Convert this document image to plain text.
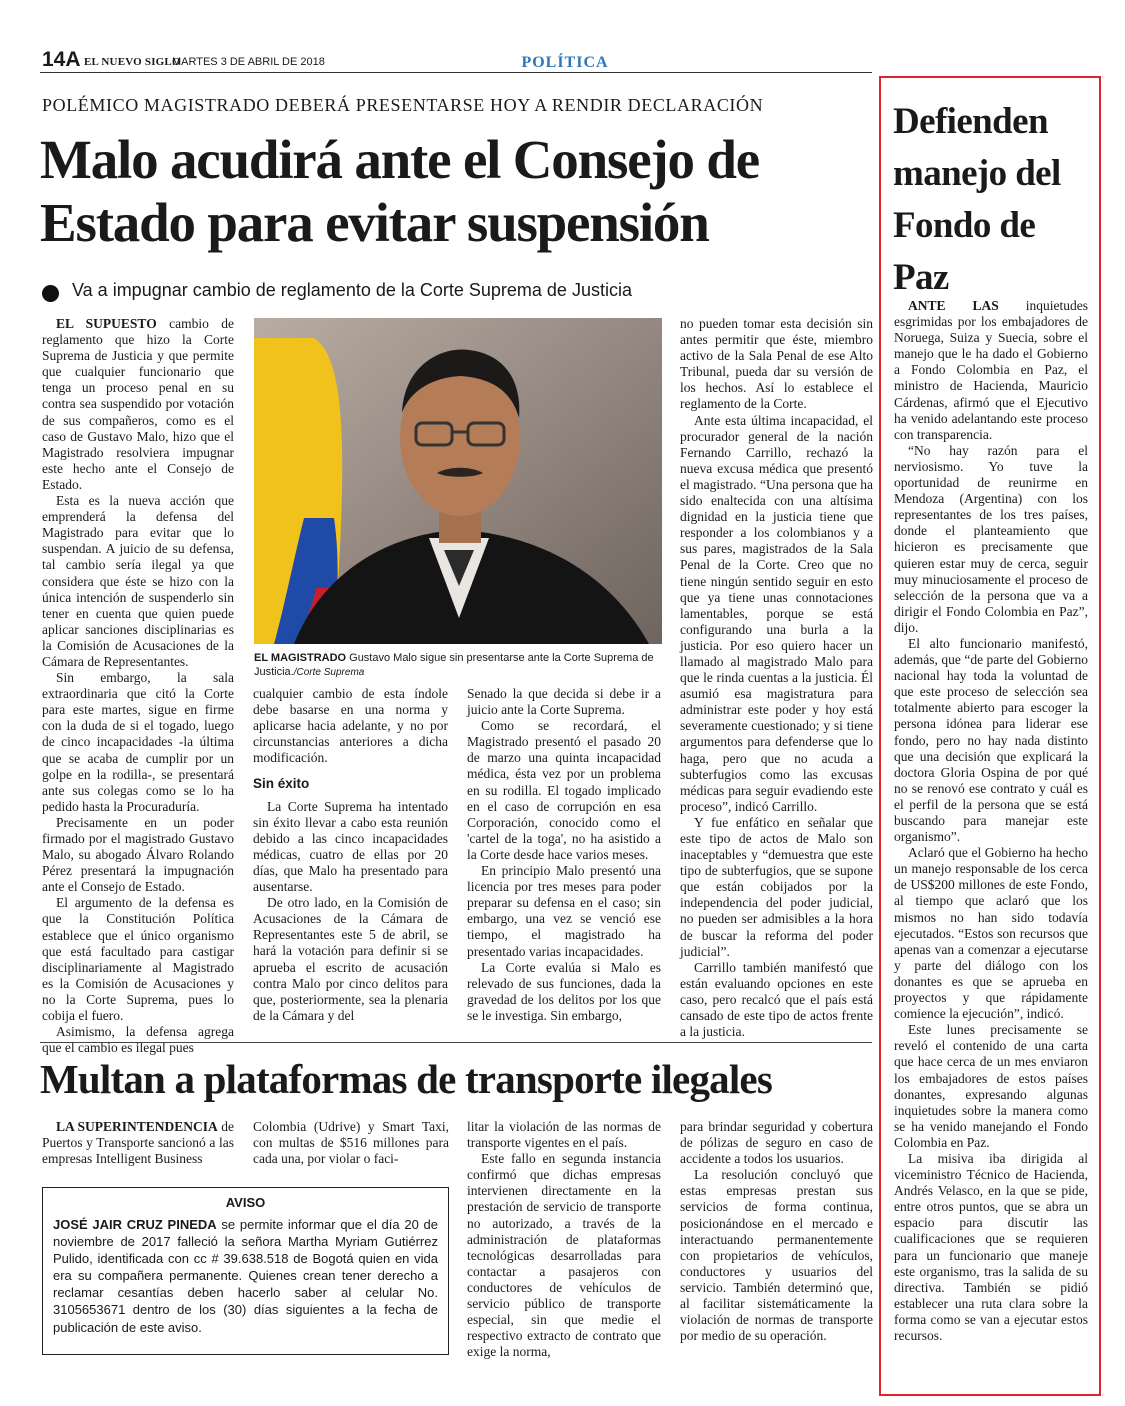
14A EL NUEVO SIGLO
MARTES 3 DE ABRIL DE 2018	POLÍTICA
POLÉMICO MAGISTRADO DEBERÁ PRESENTARSE HOY A RENDIR DECLARACIÓN
Malo acudirá ante el Consejo de Estado para evitar suspensión
Va a impugnar cambio de reglamento de la Corte Suprema de Justicia

EL SUPUESTO cambio de reglamento que hizo la Corte Suprema de Justicia y que permite que cualquier funcionario que tenga un proceso penal en su contra sea suspendido por votación de sus compañeros, como es el caso de Gustavo Malo, hizo que el Magistrado resolviera impugnar este hecho ante el Consejo de Estado.

Esta es la nueva acción que emprenderá la defensa del Magistrado para evitar que lo suspendan. A juicio de su defensa, tal cambio sería ilegal ya que considera que éste se hizo con la única intención de suspenderlo sin tener en cuenta que quien puede aplicar sanciones disciplinarias es la Comisión de Acusaciones de la Cámara de Representantes.

Sin embargo, la sala extraordinaria que citó la Corte para este martes, sigue en firme con la duda de si el togado, luego de cinco incapacidades -la última que se acaba de cumplir por un golpe en la rodilla-, se presentará ante sus colegas como se lo ha pedido hasta la Procuraduría.

Precisamente en un poder firmado por el magistrado Gustavo Malo, su abogado Álvaro Rolando Pérez presentará la impugnación ante el Consejo de Estado.

El argumento de la defensa es que la Constitución Política establece que el único organismo que está facultado para castigar disciplinariamente al Magistrado es la Comisión de Acusaciones y no la Corte Suprema, pues lo cobija el fuero.

Asimismo, la defensa agrega que el cambio es ilegal pues

EL MAGISTRADO Gustavo Malo sigue sin presentarse ante la Corte Suprema de Justicia./Corte Suprema

cualquier cambio de esta índole debe basarse en una norma y aplicarse hacia adelante, y no por circunstancias anteriores a dicha modificación.

Sin éxito

La Corte Suprema ha intentado sin éxito llevar a cabo esta reunión debido a las cinco incapacidades médicas, cuatro de ellas por 20 días, que Malo ha presentado para ausentarse.

De otro lado, en la Comisión de Acusaciones de la Cámara de Representantes este 5 de abril, se hará la votación para definir si se aprueba el escrito de acusación contra Malo por cinco delitos para que, posteriormente, sea la plenaria de la Cámara y del

Senado la que decida si debe ir a juicio ante la Corte Suprema.

Como se recordará, el Magistrado presentó el pasado 20 de marzo una quinta incapacidad médica, ésta vez por un problema en su rodilla. El togado implicado en el caso de corrupción en esa Corporación, conocido como el 'cartel de la toga', no ha asistido a la Corte desde hace varios meses.

En principio Malo presentó una licencia por tres meses para poder preparar su defensa en el caso; sin embargo, una vez se venció ese tiempo, el magistrado ha presentado varias incapacidades.

La Corte evalúa si Malo es relevado de sus funciones, dada la gravedad de los delitos por los que se le investiga. Sin embargo,

no pueden tomar esta decisión sin antes permitir que éste, miembro activo de la Sala Penal de ese Alto Tribunal, pueda dar su versión de los hechos. Así lo establece el reglamento de la Corte.

Ante esta última incapacidad, el procurador general de la nación Fernando Carrillo, rechazó la nueva excusa médica que presentó el magistrado. “Una persona que ha sido enaltecida con una altísima dignidad en la justicia tiene que responder a los colombianos y a sus pares, magistrados de la Sala Penal de la Corte. Creo que no tiene ningún sentido seguir en esto que ya tiene unas connotaciones lamentables, porque se está configurando una burla a la justicia. Por eso quiero hacer un llamado al magistrado Malo para que le rinda cuentas a la justicia. Él asumió esa magistratura para administrar este poder y hoy está severamente cuestionado; y si tiene argumentos para defenderse que lo haga, pero que no acuda a subterfugios como las excusas médicas para seguir evadiendo este proceso”, indicó Carrillo.

Y fue enfático en señalar que este tipo de actos de Malo son inaceptables y “demuestra que este tipo de subterfugios, que se supone que están cobijados por la independencia del poder judicial, no pueden ser admisibles a la hora de buscar la reforma del poder judicial”.

Carrillo también manifestó que están evaluando opciones en este caso, pero recalcó que el país está cansado de este tipo de actos frente a la justicia.

Multan a plataformas de transporte ilegales

LA SUPERINTENDENCIA de Puertos y Transporte sancionó a las empresas Intelligent Business

Colombia (Udrive) y Smart Taxi, con multas de $516 millones para cada una, por violar o faci-

litar la violación de las normas de transporte vigentes en el país.

Este fallo en segunda instancia confirmó que dichas empresas intervienen directamente en la prestación de servicio de transporte no autorizado, a través de la administración de plataformas tecnológicas desarrolladas para contactar a pasajeros con conductores de vehículos de servicio público de transporte especial, sin que medie el respectivo extracto de contrato que exige la norma,

para brindar seguridad y cobertura de pólizas de seguro en caso de accidente a todos los usuarios.

La resolución concluyó que estas empresas prestan sus servicios de forma continua, posicionándose en el mercado e interactuando permanentemente con propietarios de vehículos, conductores y usuarios del servicio. También determinó que, al facilitar sistemáticamente la violación de normas de transporte por medio de su operación.

AVISO
JOSÉ JAIR CRUZ PINEDA se permite informar que el día 20 de noviembre de 2017 falleció la señora Martha Myriam Gutiérrez Pulido, identificada con cc # 39.638.518 de Bogotá quien en vida era su compañera permanente. Quienes crean tener derecho a reclamar cesantías deben hacerlo saber al celular No. 3105653671 dentro de los (30) días siguientes a la fecha de publicación de este aviso.
Defienden manejo del Fondo de Paz

ANTE LAS inquietudes esgrimidas por los embajadores de Noruega, Suiza y Suecia, sobre el manejo que le ha dado el Gobierno a Fondo Colombia en Paz, el ministro de Hacienda, Mauricio Cárdenas, afirmó que el Ejecutivo ha venido adelantando este proceso con transparencia.

“No hay razón para el nerviosismo. Yo tuve la oportunidad de reunirme en Mendoza (Argentina) con los representantes de los tres países, donde el planteamiento que hicieron es precisamente que quieren estar muy de cerca, seguir muy minuciosamente el proceso de selección de la persona que va a dirigir el Fondo Colombia en Paz”, dijo.

El alto funcionario manifestó, además, que “de parte del Gobierno nacional hay toda la voluntad de que este proceso de selección sea totalmente abierto para escoger la persona idónea para liderar ese fondo, pero no hay nada distinto que una decisión que explicará la doctora Gloria Ospina de por qué no se renovó ese contrato y cuál es el perfil de la persona que se está buscando para manejar este organismo”.

Aclaró que el Gobierno ha hecho un manejo responsable de los cerca de US$200 millones de este Fondo, al tiempo que aclaró que los mismos no han sido todavía ejecutados. “Estos son recursos que apenas van a comenzar a ejecutarse y parte del diálogo con los donantes es que se aprueba en proyectos y que rápidamente comience la ejecución”, indicó.

Este lunes precisamente se reveló el contenido de una carta que hace cerca de un mes enviaron los embajadores de estos países donantes, expresando algunas inquietudes sobre la manera como se ha venido manejando el Fondo Colombia en Paz.

La misiva iba dirigida al viceministro Técnico de Hacienda, Andrés Velasco, en la que se pide, entre otros puntos, que se abra un espacio para discutir las cualificaciones que se requieren para un funcionario que maneje este organismo, tras la salida de su directiva. También se pidió establecer una ruta clara sobre la forma como se van a ejecutar estos recursos.
